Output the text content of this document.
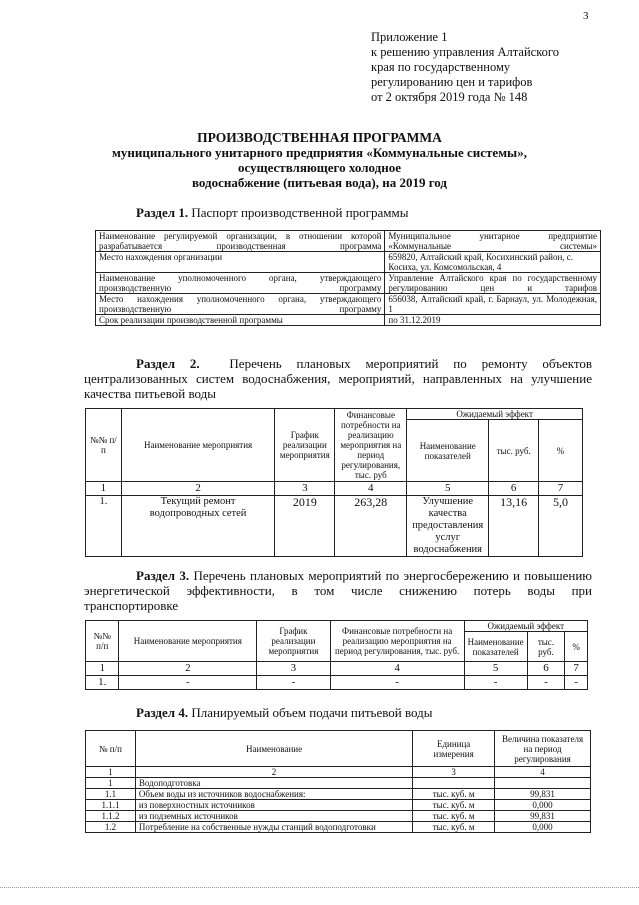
3
Приложение 1
к решению управления Алтайского
края по государственному
регулированию цен и тарифов
от 2 октября 2019 года № 148
ПРОИЗВОДСТВЕННАЯ ПРОГРАММА
муниципального унитарного предприятия «Коммунальные системы»,
осуществляющего холодное
водоснабжение (питьевая вода), на 2019 год
Раздел 1. Паспорт производственной программы
Наименование регулируемой организации, в отношении которой разрабатывается производственная программа	Муниципальное унитарное предприятие «Коммунальные системы»
Место нахождения организации	659820, Алтайский край, Косихинский район, с. Косиха, ул. Комсомольская, 4
Наименование уполномоченного органа, утверждающего производственную программу	Управление Алтайского края по государственному регулированию цен и тарифов
Место нахождения уполномоченного органа, утверждающего производственную программу	656038, Алтайский край, г. Барнаул, ул. Молодежная, 1
Срок реализации производственной программы	по 31.12.2019
Раздел 2. Перечень плановых мероприятий по ремонту объектов
централизованных систем водоснабжения, мероприятий, направленных на улучшение
качества питьевой воды
№№ п/п	Наименование мероприятия	График реализации мероприятия	Финансовые потребности на реализацию мероприятия на период регулирования, тыс. руб	Ожидаемый эффект		
				Наименование показателей	тыс. руб.	%
1	2	3	4	5	6	7
1.	Текущий ремонт водопроводных сетей	2019	263,28	Улучшение качества предоставления услуг водоснабжения	13,16	5,0
Раздел 3. Перечень плановых мероприятий по энергосбережению и повышению
энергетической эффективности, в том числе снижению потерь воды при
транспортировке
№№ п/п	Наименование мероприятия	График реализации мероприятия	Финансовые потребности на реализацию мероприятия на период регулирования, тыс. руб.	Ожидаемый эффект		
				Наименование показателей	тыс. руб.	%
1	2	3	4	5	6	7
1.	-	-	-	-	-	-
Раздел 4. Планируемый объем подачи питьевой воды
№ п/п	Наименование	Единица измерения	Величина показателя на период регулирования
1	2	3	4
1	Водоподготовка		
1.1	Объем воды из источников водоснабжения:	тыс. куб. м	99,831
1.1.1	из поверхностных источников	тыс. куб. м	0,000
1.1.2	из подземных источников	тыс. куб. м	99,831
1.2	Потребление на собственные нужды станций водоподготовки	тыс. куб. м	0,000
